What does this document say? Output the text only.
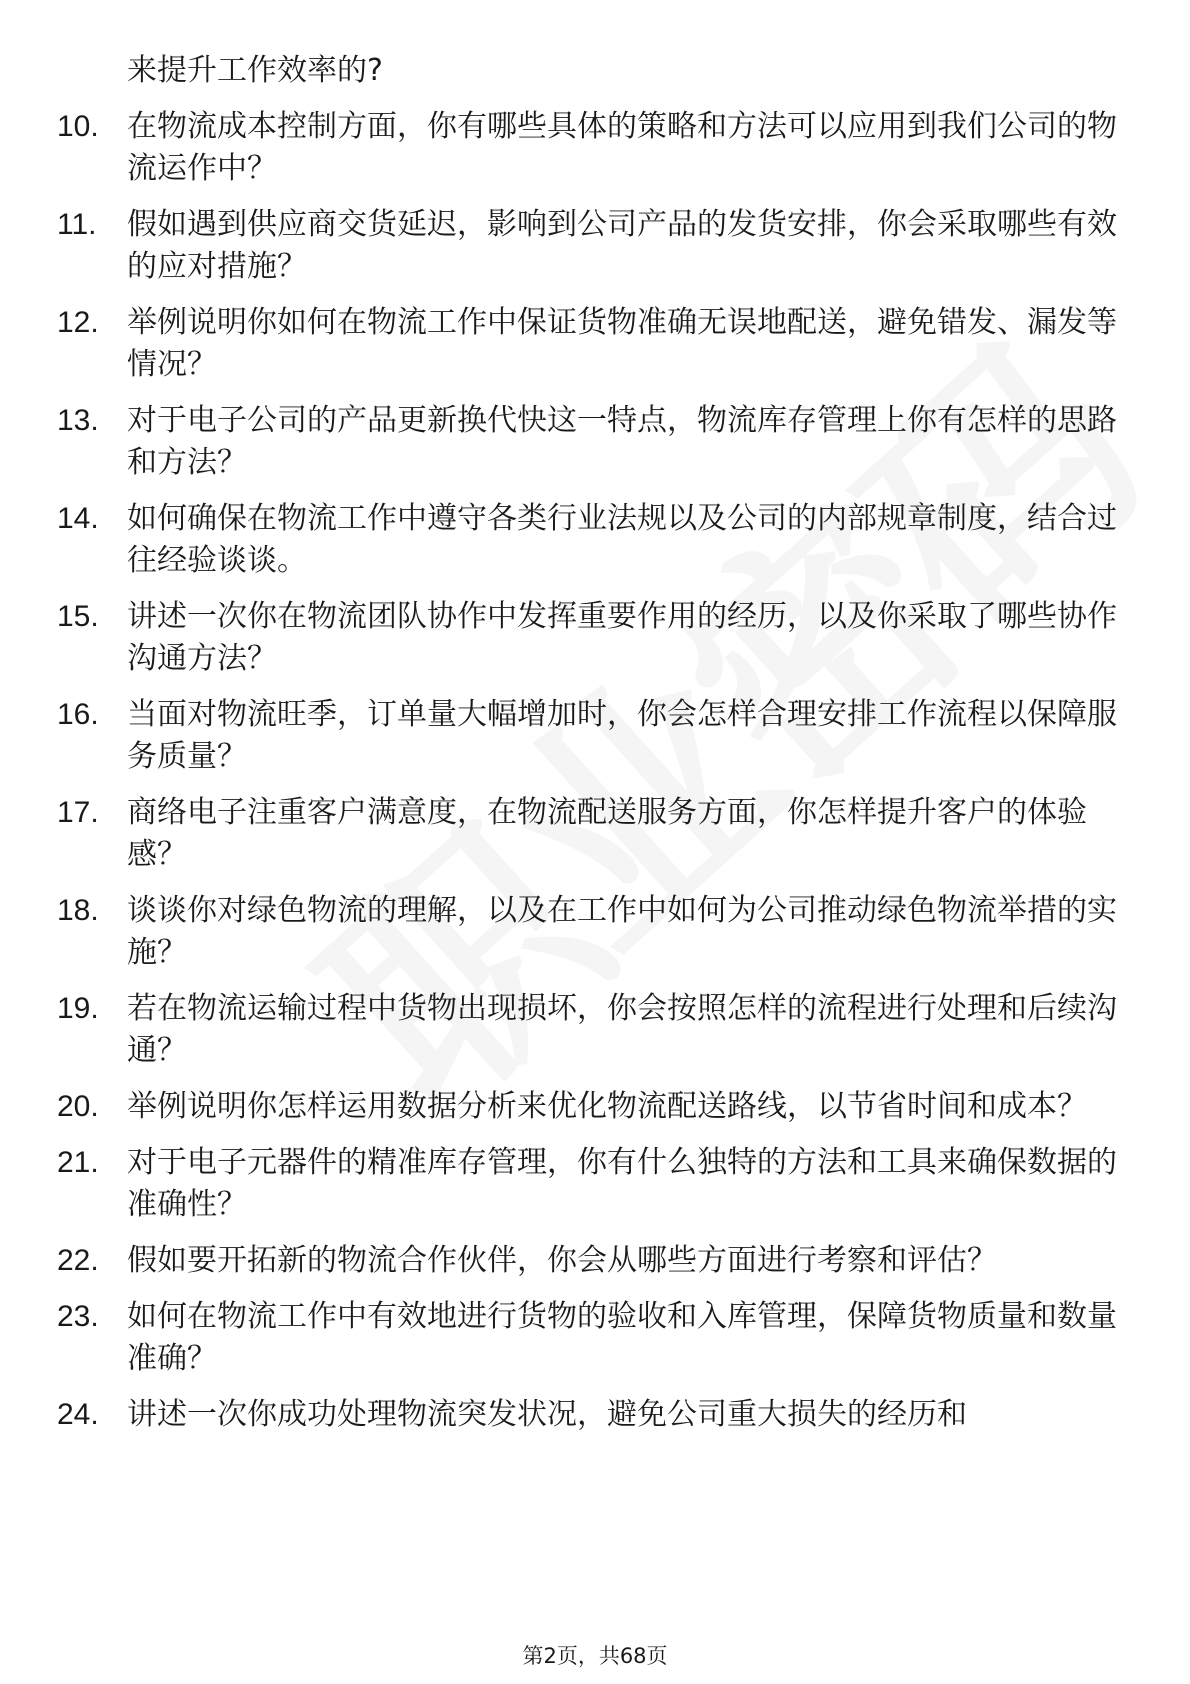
来提升工作效率的?
10. 在物流成本控制方面，你有哪些具体的策略和方法可以应用到我们公司的物流运作中？
11.	假如遇到供应商交货延迟，影响到公司产品的发货安排，你会采取哪些有效的应对措施？
12. 举例说明你如何在物流工作中保证货物准确无误地配送，避免错发、漏发等情况？
13. 对于电子公司的产品更新换代快这一特点，物流库存管理上你有怎样的思路和方法？
14. 如何确保在物流工作中遵守各类行业法规以及公司的内部规章制度，结合过往经验谈谈。
15. 讲述一次你在物流团队协作中发挥重要作用的经历，以及你采取了哪些协作沟通方法？
16. 当面对物流旺季，订单量大幅增加时，你会怎样合理安排工作流程以保障服务质量？
17. 商络电子注重客户满意度，在物流配送服务方面，你怎样提升客户的体验感？
18. 谈谈你对绿色物流的理解，以及在工作中如何为公司推动绿色物流举措的实施？
19. 若在物流运输过程中货物出现损坏，你会按照怎样的流程进行处理和后续沟通？
20. 举例说明你怎样运用数据分析来优化物流配送路线，以节省时间和成本？
21. 对于电子元器件的精准库存管理，你有什么独特的方法和工具来确保数据的准确性？
22. 假如要开拓新的物流合作伙伴，你会从哪些方面进行考察和评估？
23. 如何在物流工作中有效地进行货物的验收和入库管理，保障货物质量和数量准确？
24. 讲述一次你成功处理物流突发状况，避免公司重大损失的经历和
第2页，共68页
